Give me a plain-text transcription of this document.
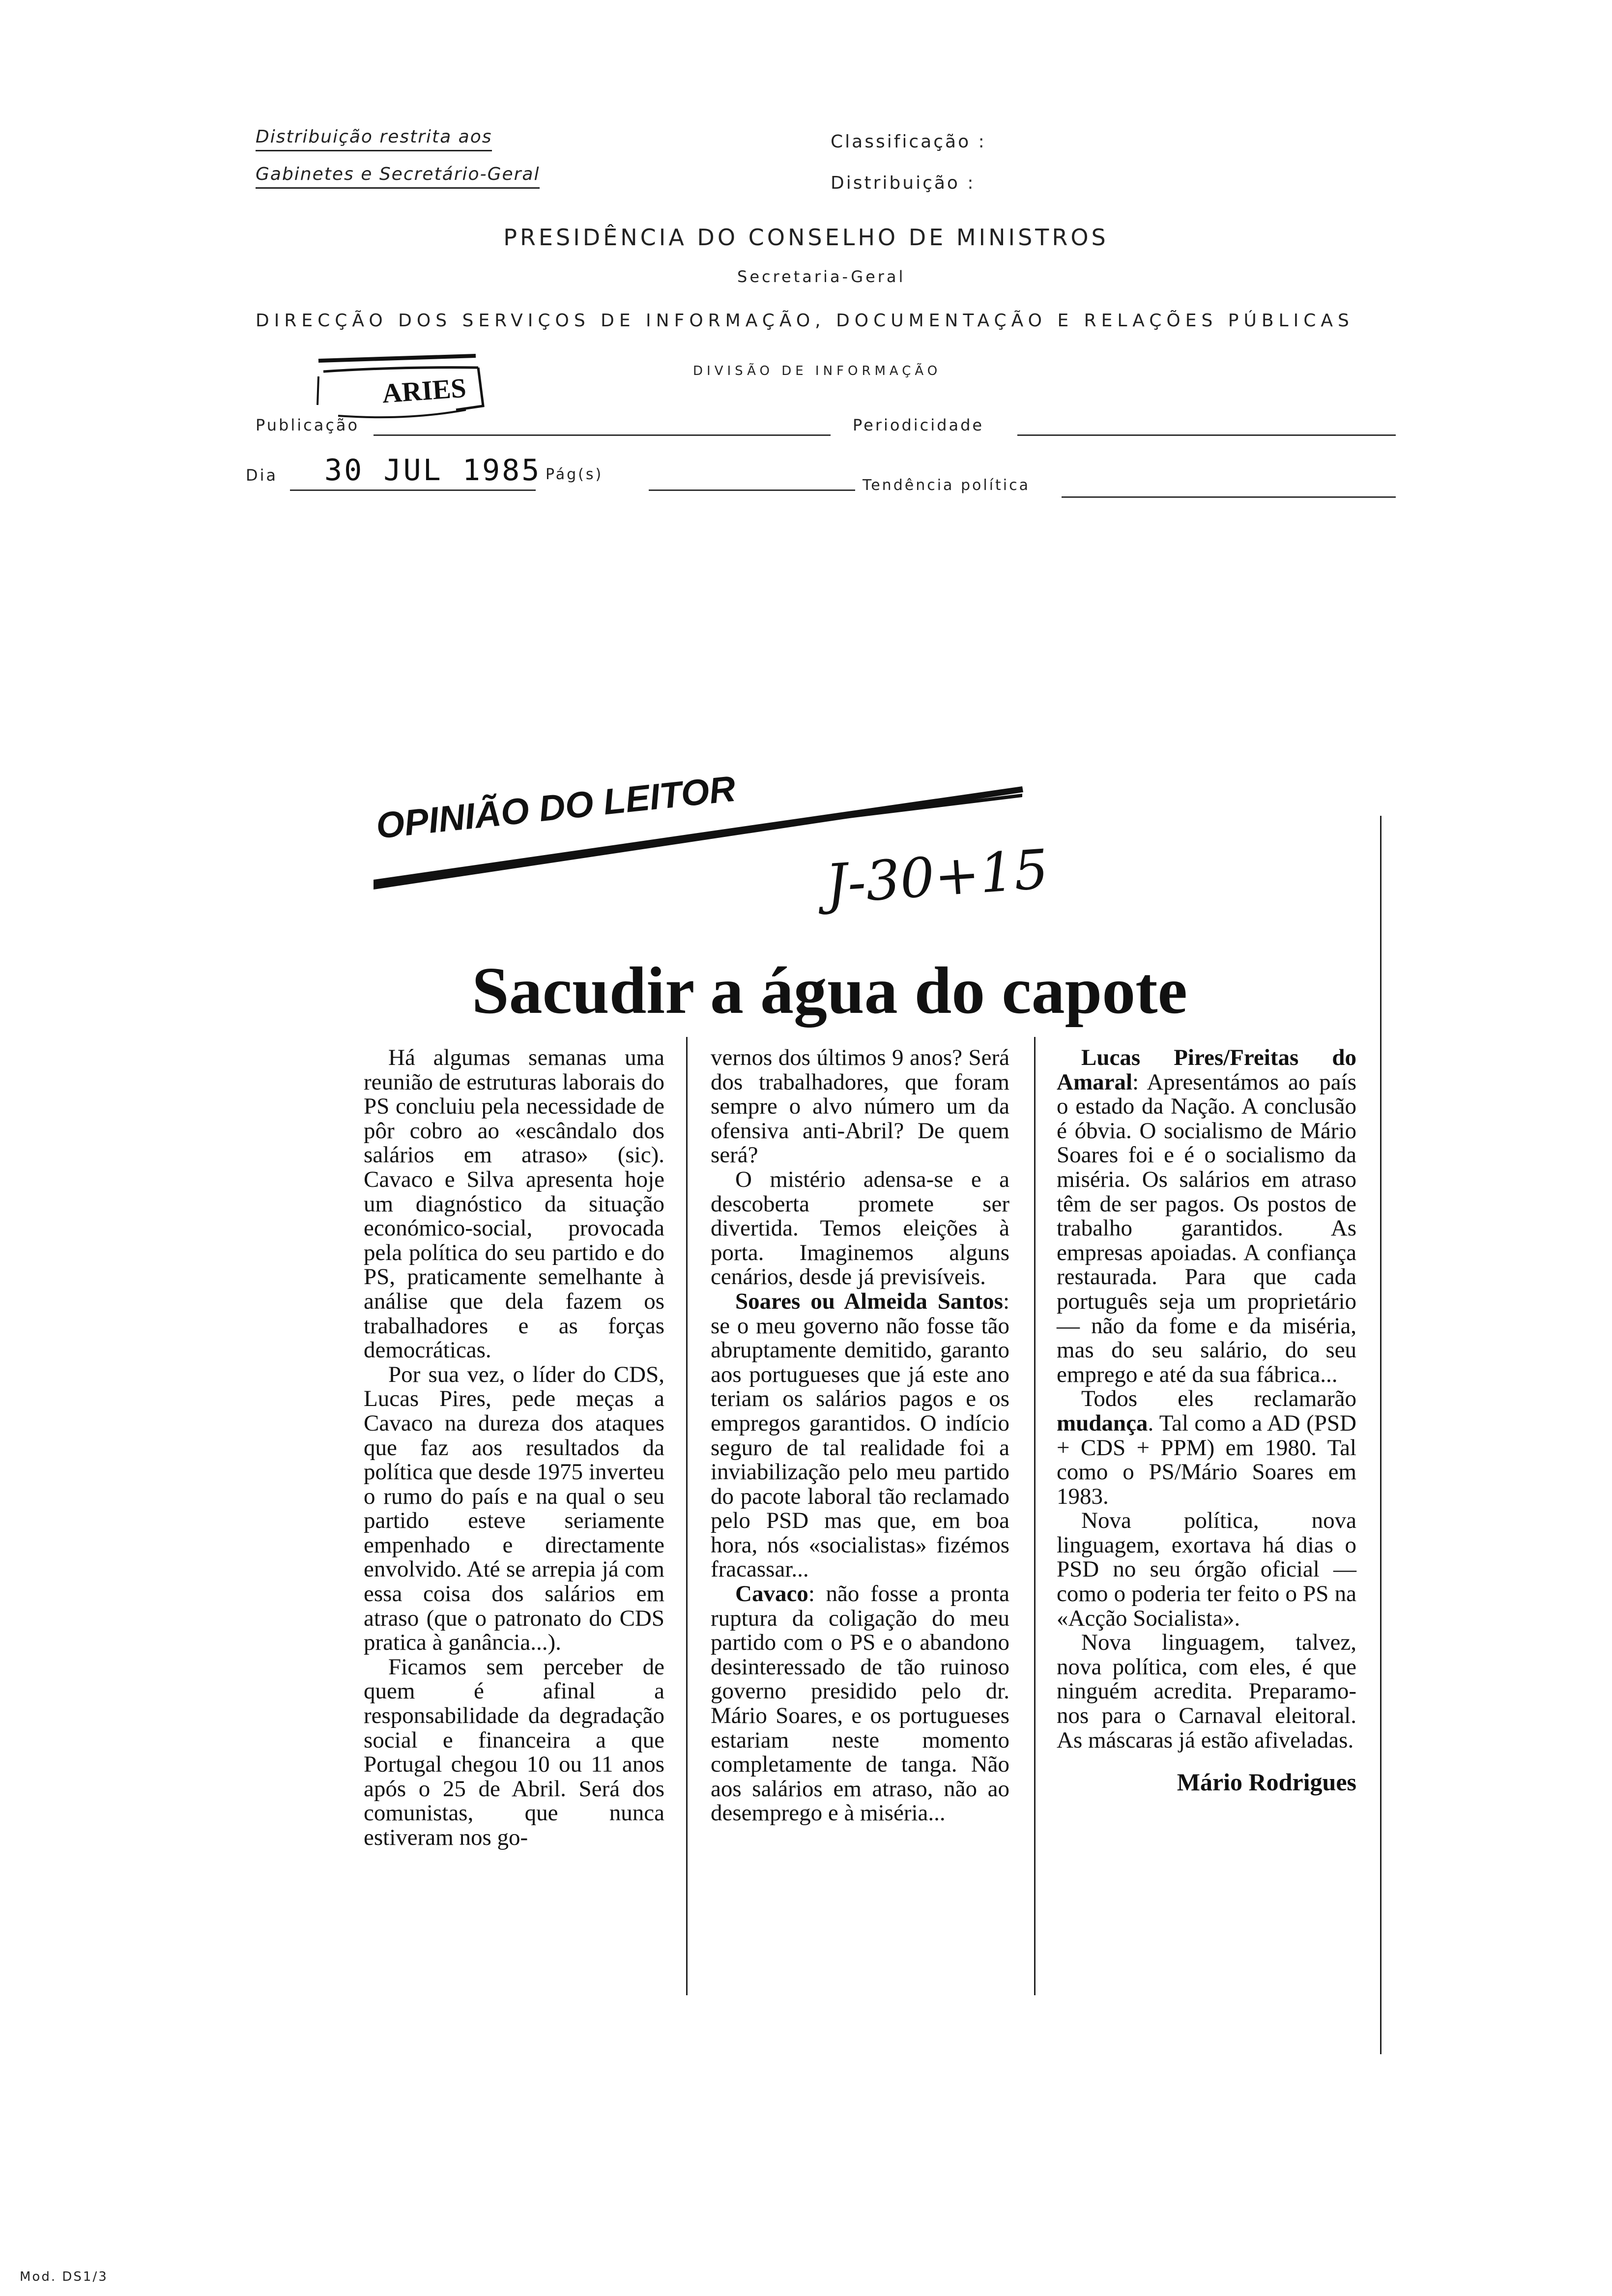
Distribuição restrita aos
Gabinetes e Secretário-Geral
Classificação :
Distribuição :
PRESIDÊNCIA DO CONSELHO DE MINISTROS
Secretaria-Geral
DIRECÇÃO DOS SERVIÇOS DE INFORMAÇÃO, DOCUMENTAÇÃO E RELAÇÕES PÚBLICAS
DIVISÃO DE INFORMAÇÃO
ARIES
Publicação	Periodicidade
Dia 30 JUL 1985 Pág(s)
Tendência política
OPINIÃO DO LEITOR
J-30+15
Sacudir a água do capote

Há algumas semanas uma reunião de estruturas laborais do PS concluiu pela necessidade de pôr cobro ao «escândalo dos salários em atraso» (sic). Cavaco e Silva apresenta hoje um diagnóstico da situação económico-social, provocada pela política do seu partido e do PS, praticamente semelhante à análise que dela fazem os trabalhadores e as forças democráticas.

Por sua vez, o líder do CDS, Lucas Pires, pede meças a Cavaco na dureza dos ataques que faz aos resultados da política que desde 1975 inverteu o rumo do país e na qual o seu partido esteve seriamente empenhado e directamente envolvido. Até se arrepia já com essa coisa dos salários em atraso (que o patronato do CDS pratica à ganância...).

Ficamos sem perceber de quem é afinal a responsabilidade da degradação social e financeira a que Portugal chegou 10 ou 11 anos após o 25 de Abril. Será dos comunistas, que nunca estiveram nos go-

vernos dos últimos 9 anos? Será dos trabalhadores, que foram sempre o alvo número um da ofensiva anti-Abril? De quem será?

O mistério adensa-se e a descoberta promete ser divertida. Temos eleições à porta. Imaginemos alguns cenários, desde já previsíveis.

Soares ou Almeida Santos: se o meu governo não fosse tão abruptamente demitido, garanto aos portugueses que já este ano teriam os salários pagos e os empregos garantidos. O indício seguro de tal realidade foi a inviabilização pelo meu partido do pacote laboral tão reclamado pelo PSD mas que, em boa hora, nós «socialistas» fizémos fracassar...

Cavaco: não fosse a pronta ruptura da coligação do meu partido com o PS e o abandono desinteressado de tão ruinoso governo presidido pelo dr. Mário Soares, e os portugueses estariam neste momento completamente de tanga. Não aos salários em atraso, não ao desemprego e à miséria...

Lucas Pires/Freitas do Amaral: Apresentámos ao país o estado da Nação. A conclusão é óbvia. O socialismo de Mário Soares foi e é o socialismo da miséria. Os salários em atraso têm de ser pagos. Os postos de trabalho garantidos. As empresas apoiadas. A confiança restaurada. Para que cada português seja um proprietário — não da fome e da miséria, mas do seu salário, do seu emprego e até da sua fábrica...

Todos eles reclamarão mudança. Tal como a AD (PSD + CDS + PPM) em 1980. Tal como o PS/Mário Soares em 1983.

Nova política, nova linguagem, exortava há dias o PSD no seu órgão oficial — como o poderia ter feito o PS na «Acção Socialista».

Nova linguagem, talvez, nova política, com eles, é que ninguém acredita. Preparamo-nos para o Carnaval eleitoral. As máscaras já estão afiveladas.

Mário Rodrigues

Mod. DS1/3
